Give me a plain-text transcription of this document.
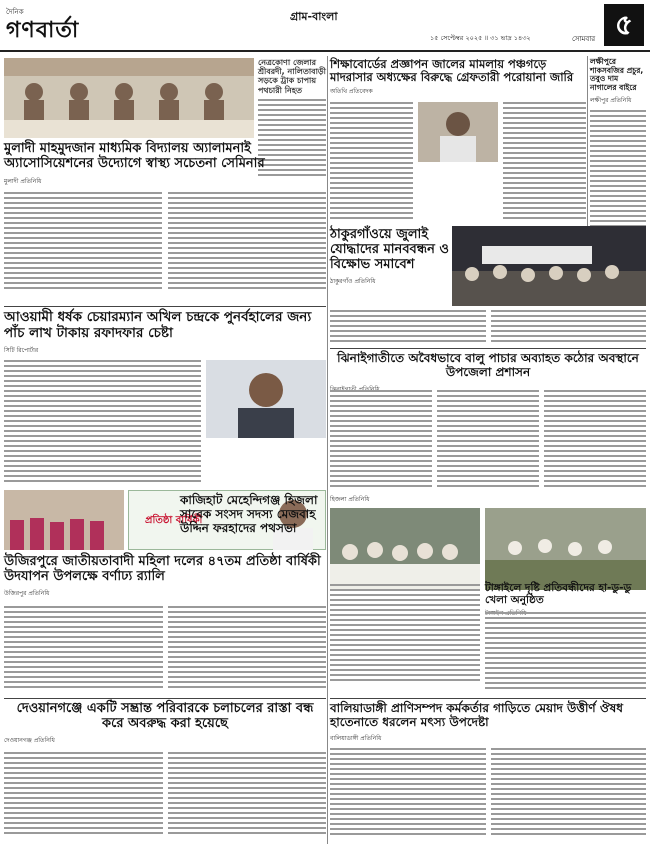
দৈনিক
গণবার্তা
গ্রাম-বাংলা
১৫ সেপ্টেম্বর ২০২৫ ॥ ৩১ ভাদ্র ১৪৩২	সোমবার ৫
নেত্রকোণা জেলার শ্রীবরদী, নালিতাবাড়ী সড়কে ট্রাক চাপায় পথচারী নিহত
মুলাদী মাহমুদজান মাধ্যমিক বিদ্যালয় অ্যালামনাই অ্যাসোসিয়েশনের উদ্যোগে স্বাস্থ্য সচেতনা সেমিনার
মুলাদী প্রতিনিধি
শিক্ষাবোর্ডের প্রজ্ঞাপন জালের মামলায় পঞ্চগড়ে মাদরাসার অধ্যক্ষের বিরুদ্ধে গ্রেফতারী পরোয়ানা জারি
অতিথি প্রতিবেদক
লক্ষীপুরে শাকসবজির প্রচুর, তবুও দাম নাগালের বাইরে
লক্ষীপুর প্রতিনিধি
ঠাকুরগাঁওয়ে জুলাই যোদ্ধাদের মানববন্ধন ও বিক্ষোভ সমাবেশ
ঠাকুরগাঁও প্রতিনিধি
আওয়ামী ধর্ষক চেয়ারম্যান অখিল চন্দ্রকে পুনর্বহালের জন্য পাঁচ লাখ টাকায় রফাদফার চেষ্টা
সিটি রিপোর্টার
ঝিনাইগাতীতে অবৈধভাবে বালু পাচার অব্যাহত কঠোর অবস্থানে উপজেলা প্রশাসন
প্রতিষ্ঠা বার্ষিকী
উজিরপুরে জাতীয়তাবাদী মহিলা দলের ৪৭তম প্রতিষ্ঠা বার্ষিকী উদযাপন উপলক্ষে বর্ণাঢ্য র‍্যালি
উজিরপুর প্রতিনিধি
কাজিহাট মেহেন্দিগঞ্জ হিজলা সাবেক সংসদ সদস্য মেজবাহ উদ্দিন ফরহাদের পথসভা
হিজলা প্রতিনিধি
টাঙ্গাইলে দৃষ্টি প্রতিবন্ধীদের হা-ডু-ডু খেলা অনুষ্ঠিত
দেওয়ানগঞ্জে একটি সম্ভ্রান্ত পরিবারকে চলাচলের রাস্তা বন্ধ করে অবরুদ্ধ করা হয়েছে
দেওয়ানগঞ্জ প্রতিনিধি
বালিয়াডাঙ্গী প্রাণিসম্পদ কর্মকর্তার গাড়িতে মেয়াদ উত্তীর্ণ ঔষধ হাতেনাতে ধরলেন মৎস্য উপদেষ্টা
বালিয়াডাঙ্গী প্রতিনিধি
